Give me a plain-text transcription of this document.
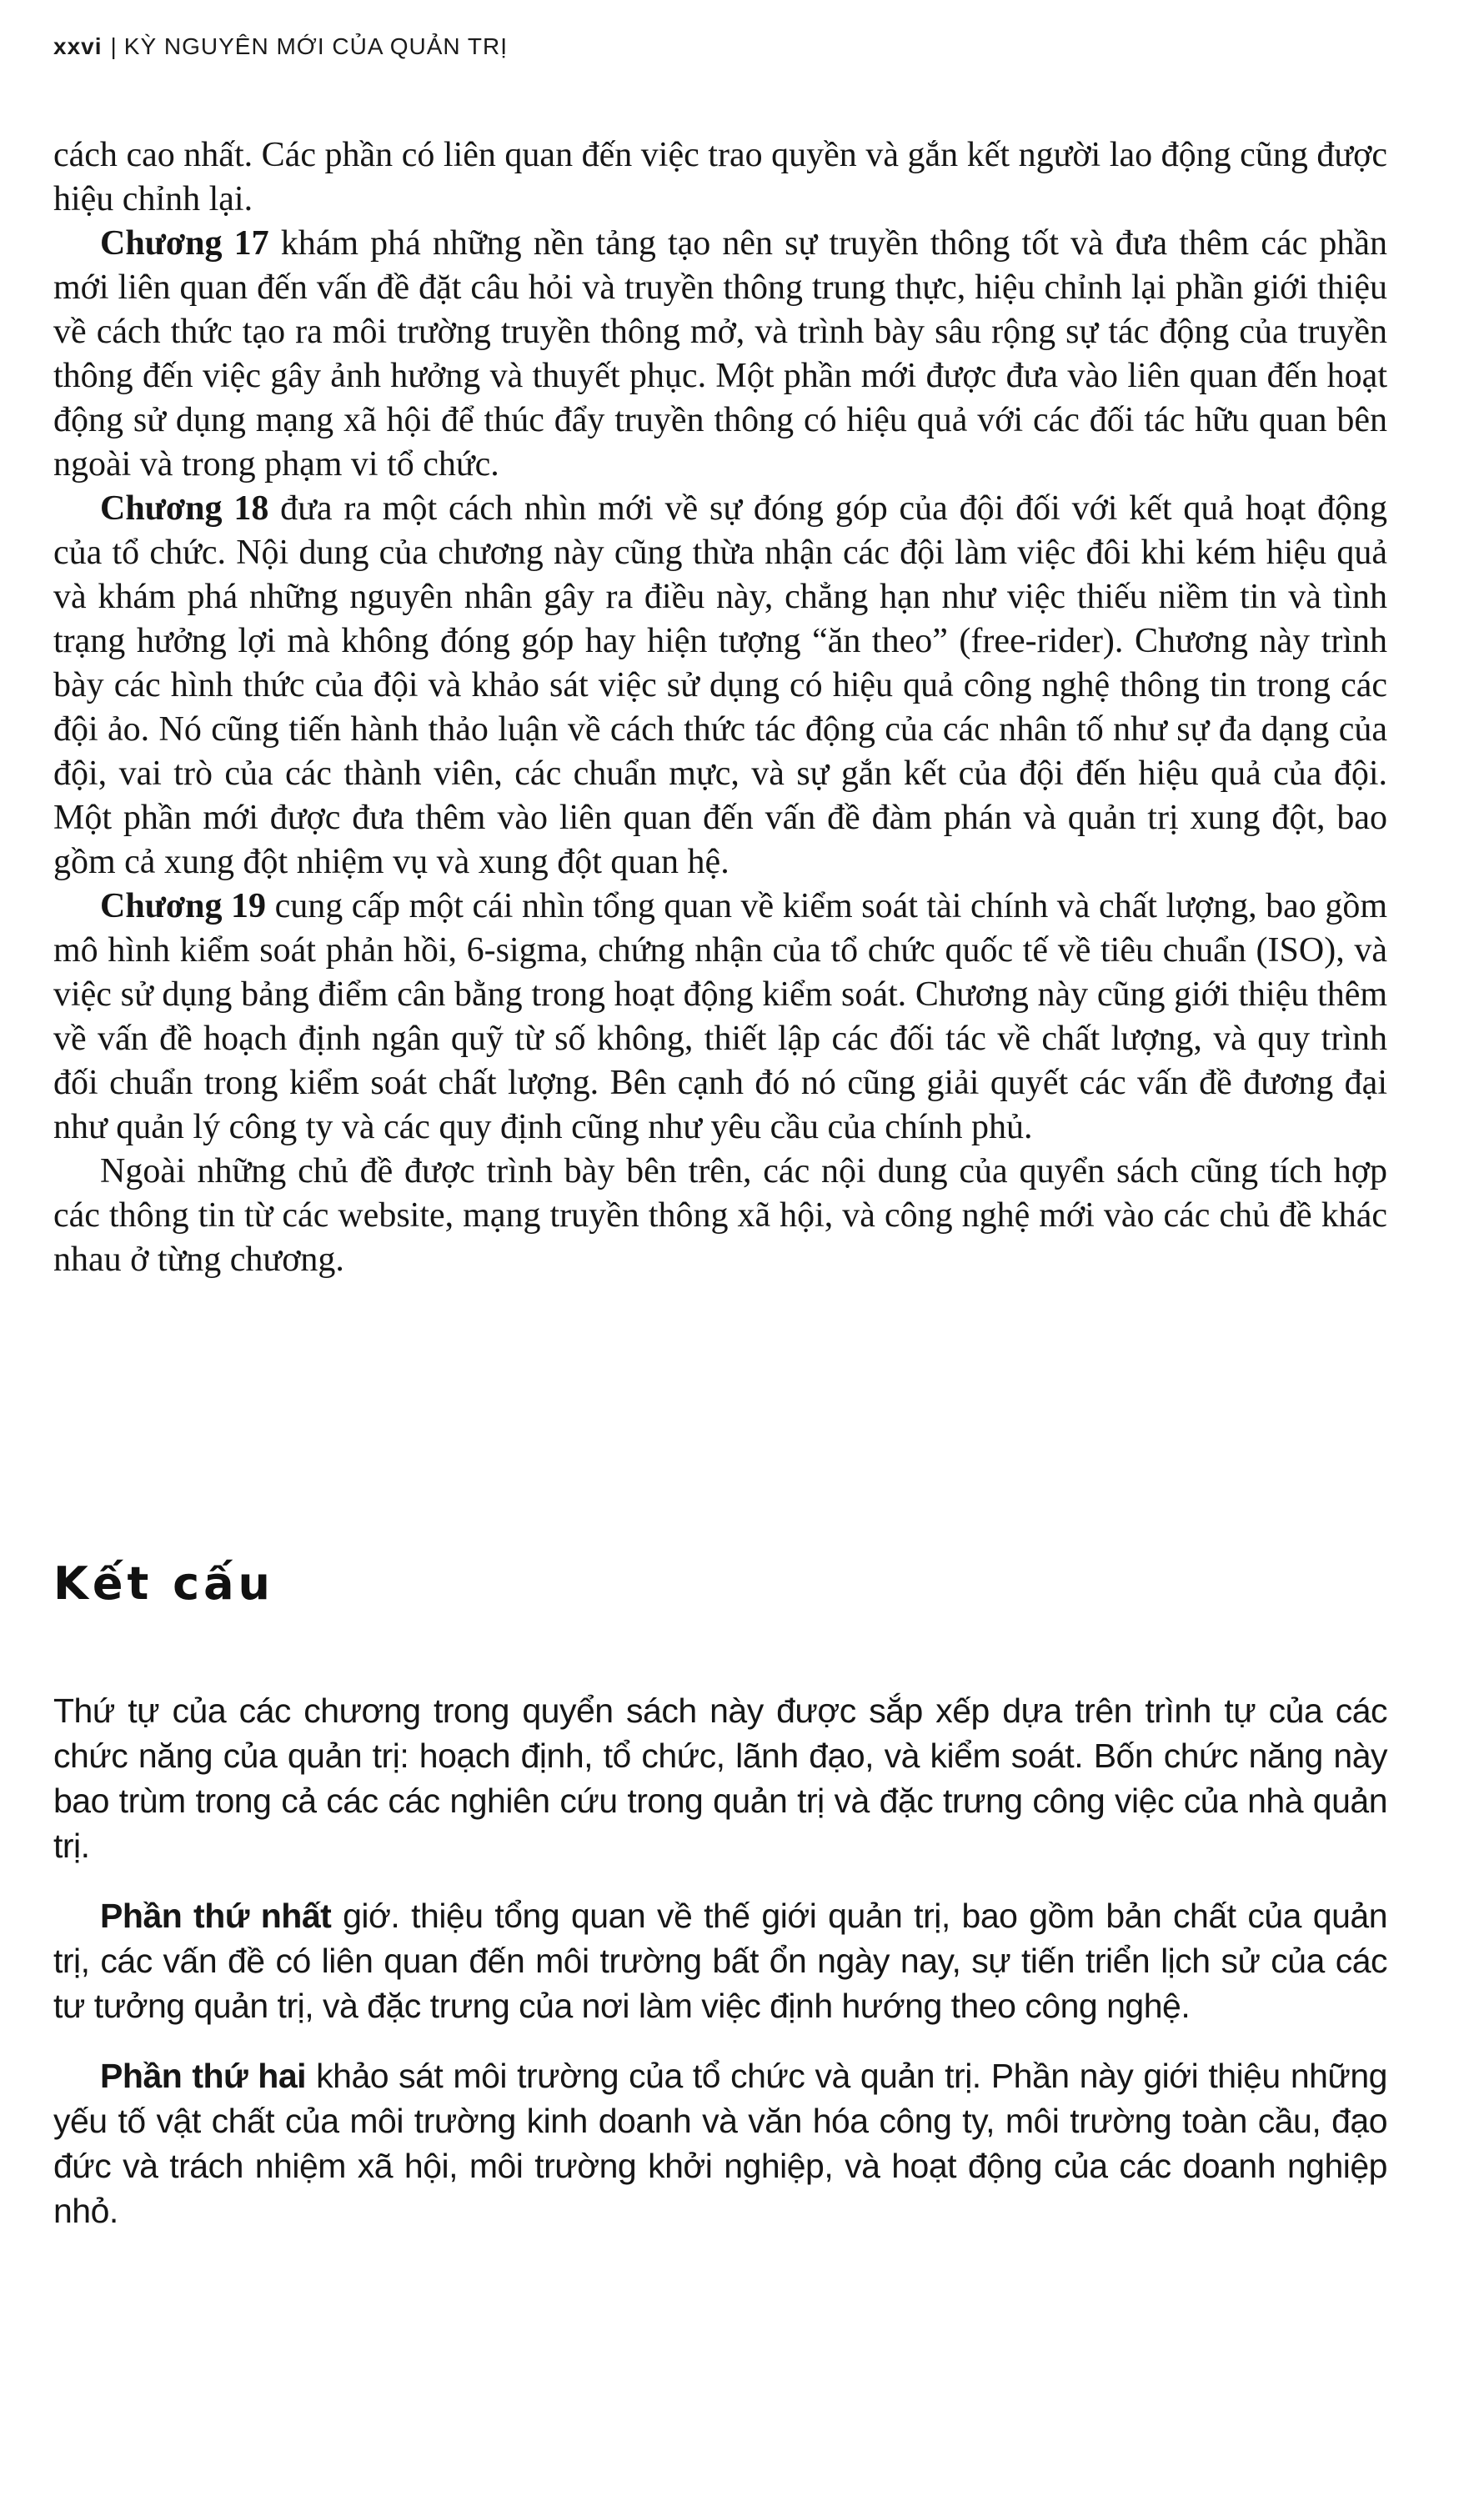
xxvi | KỲ NGUYÊN MỚI CỦA QUẢN TRỊ

cách cao nhất. Các phần có liên quan đến việc trao quyền và gắn kết người lao động cũng được hiệu chỉnh lại.

Chương 17 khám phá những nền tảng tạo nên sự truyền thông tốt và đưa thêm các phần mới liên quan đến vấn đề đặt câu hỏi và truyền thông trung thực, hiệu chỉnh lại phần giới thiệu về cách thức tạo ra môi trường truyền thông mở, và trình bày sâu rộng sự tác động của truyền thông đến việc gây ảnh hưởng và thuyết phục. Một phần mới được đưa vào liên quan đến hoạt động sử dụng mạng xã hội để thúc đẩy truyền thông có hiệu quả với các đối tác hữu quan bên ngoài và trong phạm vi tổ chức.

Chương 18 đưa ra một cách nhìn mới về sự đóng góp của đội đối với kết quả hoạt động của tổ chức. Nội dung của chương này cũng thừa nhận các đội làm việc đôi khi kém hiệu quả và khám phá những nguyên nhân gây ra điều này, chẳng hạn như việc thiếu niềm tin và tình trạng hưởng lợi mà không đóng góp hay hiện tượng “ăn theo” (free-rider). Chương này trình bày các hình thức của đội và khảo sát việc sử dụng có hiệu quả công nghệ thông tin trong các đội ảo. Nó cũng tiến hành thảo luận về cách thức tác động của các nhân tố như sự đa dạng của đội, vai trò của các thành viên, các chuẩn mực, và sự gắn kết của đội đến hiệu quả của đội. Một phần mới được đưa thêm vào liên quan đến vấn đề đàm phán và quản trị xung đột, bao gồm cả xung đột nhiệm vụ và xung đột quan hệ.

Chương 19 cung cấp một cái nhìn tổng quan về kiểm soát tài chính và chất lượng, bao gồm mô hình kiểm soát phản hồi, 6-sigma, chứng nhận của tổ chức quốc tế về tiêu chuẩn (ISO), và việc sử dụng bảng điểm cân bằng trong hoạt động kiểm soát. Chương này cũng giới thiệu thêm về vấn đề hoạch định ngân quỹ từ số không, thiết lập các đối tác về chất lượng, và quy trình đối chuẩn trong kiểm soát chất lượng. Bên cạnh đó nó cũng giải quyết các vấn đề đương đại như quản lý công ty và các quy định cũng như yêu cầu của chính phủ.

Ngoài những chủ đề được trình bày bên trên, các nội dung của quyển sách cũng tích hợp các thông tin từ các website, mạng truyền thông xã hội, và công nghệ mới vào các chủ đề khác nhau ở từng chương.

Kết cấu

Thứ tự của các chương trong quyển sách này được sắp xếp dựa trên trình tự của các chức năng của quản trị: hoạch định, tổ chức, lãnh đạo, và kiểm soát. Bốn chức năng này bao trùm trong cả các các nghiên cứu trong quản trị và đặc trưng công việc của nhà quản trị.

Phần thứ nhất giớ. thiệu tổng quan về thế giới quản trị, bao gồm bản chất của quản trị, các vấn đề có liên quan đến môi trường bất ổn ngày nay, sự tiến triển lịch sử của các tư tưởng quản trị, và đặc trưng của nơi làm việc định hướng theo công nghệ.

Phần thứ hai khảo sát môi trường của tổ chức và quản trị. Phần này giới thiệu những yếu tố vật chất của môi trường kinh doanh và văn hóa công ty, môi trường toàn cầu, đạo đức và trách nhiệm xã hội, môi trường khởi nghiệp, và hoạt động của các doanh nghiệp nhỏ.
